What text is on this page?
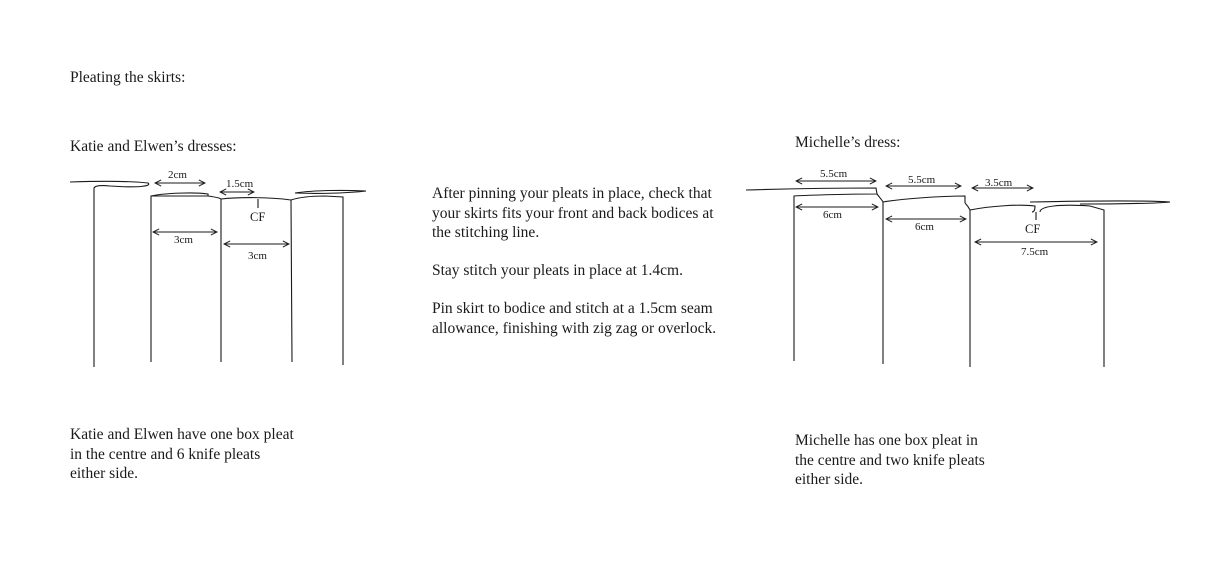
Pleating the skirts:

Katie and Elwen’s dresses:	Michelle’s dress:

After pinning your pleats in place, check that

your skirts fits your front and back bodices at

the stitching line.

Stay stitch your pleats in place at 1.4cm.

Pin skirt to bodice and stitch at a 1.5cm seam

allowance, finishing with zig zag or overlock.

Katie and Elwen have one box pleat

in the centre and 6 knife pleats

either side.

Michelle has one box pleat in

the centre and two knife pleats

either side.

2cm
1.5cm
3cm
3cm
CF
5.5cm	5.5cm	3.5cm
6cm
6cm
7.5cm
CF
